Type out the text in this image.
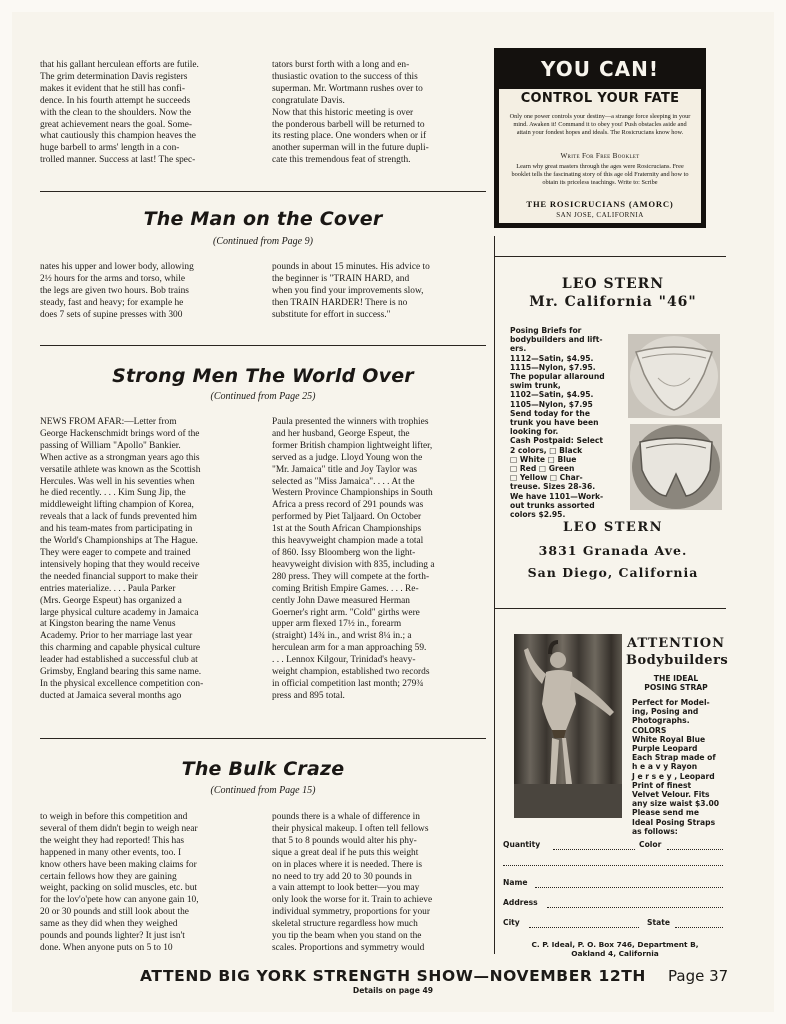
that his gallant herculean efforts are futile.
The grim determination Davis registers
makes it evident that he still has confi-
dence. In his fourth attempt he succeeds
with the clean to the shoulders. Now the
great achievement nears the goal. Some-
what cautiously this champion heaves the
huge barbell to arms' length in a con-
trolled manner. Success at last! The spec-

tators burst forth with a long and en-
thusiastic ovation to the success of this
superman. Mr. Wortmann rushes over to
congratulate Davis.
Now that this historic meeting is over
the ponderous barbell will be returned to
its resting place. One wonders when or if
another superman will in the future dupli-
cate this tremendous feat of strength.

The Man on the Cover
(Continued from Page 9)

nates his upper and lower body, allowing
2½ hours for the arms and torso, while
the legs are given two hours. Bob trains
steady, fast and heavy; for example he
does 7 sets of supine presses with 300

pounds in about 15 minutes. His advice to
the beginner is "TRAIN HARD, and
when you find your improvements slow,
then TRAIN HARDER! There is no
substitute for effort in success."

Strong Men The World Over
(Continued from Page 25)

NEWS FROM AFAR:—Letter from
George Hackenschmidt brings word of the
passing of William "Apollo" Bankier.
When active as a strongman years ago this
versatile athlete was known as the Scottish
Hercules. Was well in his seventies when
he died recently. . . . Kim Sung Jip, the
middleweight lifting champion of Korea,
reveals that a lack of funds prevented him
and his team-mates from participating in
the World's Championships at The Hague.
They were eager to compete and trained
intensively hoping that they would receive
the needed financial support to make their
entries materialize. . . . Paula Parker
(Mrs. George Espeut) has organized a
large physical culture academy in Jamaica
at Kingston bearing the name Venus
Academy. Prior to her marriage last year
this charming and capable physical culture
leader had established a successful club at
Grimsby, England bearing this same name.
In the physical excellence competition con-
ducted at Jamaica several months ago

Paula presented the winners with trophies
and her husband, George Espeut, the
former British champion lightweight lifter,
served as a judge. Lloyd Young won the
"Mr. Jamaica" title and Joy Taylor was
selected as "Miss Jamaica". . . . At the
Western Province Championships in South
Africa a press record of 291 pounds was
performed by Piet Taljaard. On October
1st at the South African Championships
this heavyweight champion made a total
of 860. Issy Bloomberg won the light-
heavyweight division with 835, including a
280 press. They will compete at the forth-
coming British Empire Games. . . . Re-
cently John Dawe measured Herman
Goerner's right arm. "Cold" girths were
upper arm flexed 17½ in., forearm
(straight) 14¾ in., and wrist 8¼ in.; a
herculean arm for a man approaching 59.
. . . Lennox Kilgour, Trinidad's heavy-
weight champion, established two records
in official competition last month; 279¾
press and 895 total.

The Bulk Craze
(Continued from Page 15)

to weigh in before this competition and
several of them didn't begin to weigh near
the weight they had reported! This has
happened in many other events, too. I
know others have been making claims for
certain fellows how they are gaining
weight, packing on solid muscles, etc. but
for the lov'o'pete how can anyone gain 10,
20 or 30 pounds and still look about the
same as they did when they weighed
pounds and pounds lighter? It just isn't
done. When anyone puts on 5 to 10

pounds there is a whale of difference in
their physical makeup. I often tell fellows
that 5 to 8 pounds would alter his phy-
sique a great deal if he puts this weight
on in places where it is needed. There is
no need to try add 20 to 30 pounds in
a vain attempt to look better—you may
only look the worse for it. Train to achieve
individual symmetry, proportions for your
skeletal structure regardless how much
you tip the beam when you stand on the
scales. Proportions and symmetry would

YOU CAN!
CONTROL YOUR FATE
Only one power controls your destiny—a strange force sleeping in your mind. Awaken it! Command it to obey you! Push obstacles aside and attain your fondest hopes and ideals. The Rosicrucians know how.
Write For Free Booklet
Learn why great masters through the ages were Rosicrucians. Free booklet tells the fascinating story of this age old Fraternity and how to obtain its priceless teachings. Write to: Scribe
THE ROSICRUCIANS (AMORC)
SAN JOSE, CALIFORNIA
LEO STERN
Mr. California "46"
Posing Briefs for
bodybuilders and lift-
ers.
1112—Satin, $4.95.
1115—Nylon, $7.95.
The popular allaround
swim trunk,
1102—Satin, $4.95.
1105—Nylon, $7.95
Send today for the
trunk you have been
looking for.
Cash Postpaid: Select
2 colors, □ Black
□ White □ Blue
□ Red □ Green
□ Yellow □ Char-
treuse. Sizes 28-36.
We have 1101—Work-
out trunks assorted
colors $2.95.
LEO STERN
3831 Granada Ave.
San Diego, California
ATTENTION
Bodybuilders
THE IDEAL
POSING STRAP
Perfect for Model-
ing, Posing and
Photographs.
COLORS
White Royal Blue
Purple Leopard
Each Strap made of
h e a v y Rayon
J e r s e y , Leopard
Print of finest
Velvet Velour. Fits
any size waist $3.00
Please send me
Ideal Posing Straps
as follows:
Quantity	Color
Name
Address
City	State
C. P. Ideal, P. O. Box 746, Department B,
Oakland 4, California
ATTEND BIG YORK STRENGTH SHOW—NOVEMBER 12TH
Details on page 49
Page 37
